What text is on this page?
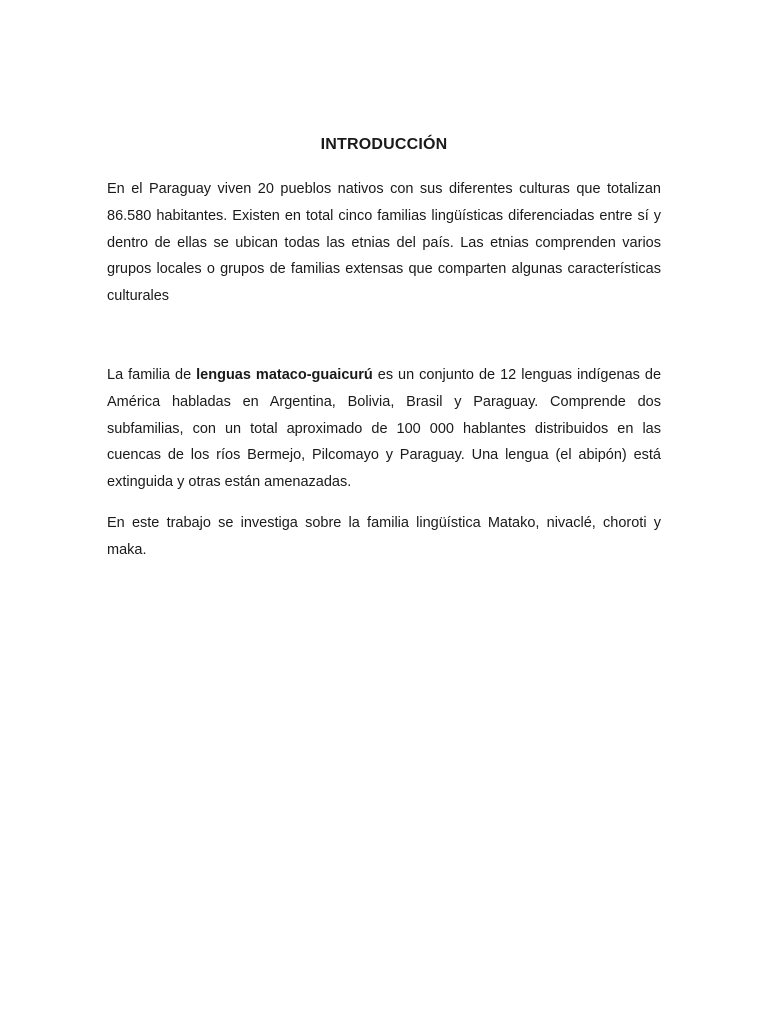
INTRODUCCIÓN

En el Paraguay viven 20 pueblos nativos con sus diferentes culturas que totalizan 86.580 habitantes. Existen en total cinco familias lingüísticas diferenciadas entre sí y dentro de ellas se ubican todas las etnias del país. Las etnias comprenden varios grupos locales o grupos de familias extensas que comparten algunas características culturales

La familia de lenguas mataco-guaicurú es un conjunto de 12 lenguas indígenas de América habladas en Argentina, Bolivia, Brasil y Paraguay. Comprende dos subfamilias, con un total aproximado de 100 000 hablantes distribuidos en las cuencas de los ríos Bermejo, Pilcomayo y Paraguay. Una lengua (el abipón) está extinguida y otras están amenazadas.

En este trabajo se investiga sobre la familia lingüística Matako, nivaclé, choroti y maka.
